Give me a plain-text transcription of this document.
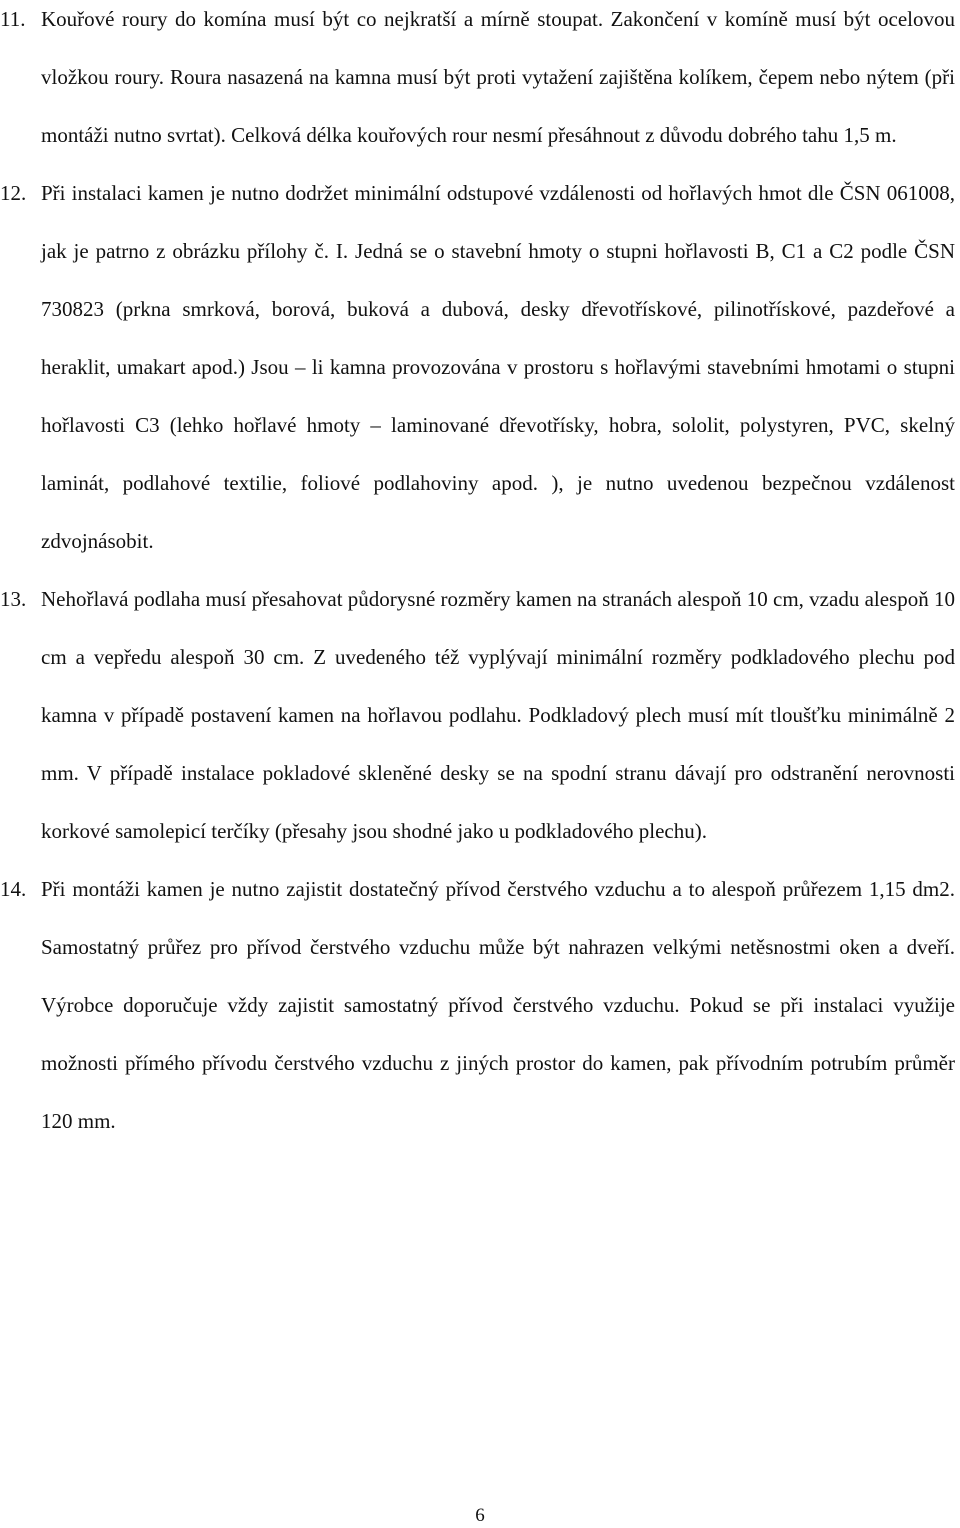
11. Kouřové roury do komína musí být co nejkratší a mírně stoupat. Zakončení v komíně musí být ocelovou vložkou roury. Roura nasazená na kamna musí být proti vytažení zajištěna kolíkem, čepem nebo nýtem (při montáži nutno svrtat). Celková délka kouřových rour nesmí přesáhnout z důvodu dobrého tahu 1,5 m.
12. Při instalaci kamen je nutno dodržet minimální odstupové vzdálenosti od hořlavých hmot dle ČSN 061008, jak je patrno z obrázku přílohy č. I. Jedná se o stavební hmoty o stupni hořlavosti B, C1 a C2 podle ČSN 730823 (prkna smrková, borová, buková a dubová, desky dřevotřískové, pilinotřískové, pazdeřové a heraklit, umakart apod.) Jsou – li kamna provozována v prostoru s hořlavými stavebními hmotami o stupni hořlavosti C3 (lehko hořlavé hmoty – laminované dřevotřísky, hobra, sololit, polystyren, PVC, skelný laminát, podlahové textilie, foliové podlahoviny apod. ), je nutno uvedenou bezpečnou vzdálenost zdvojnásobit.
13. Nehořlavá podlaha musí přesahovat půdorysné rozměry kamen na stranách alespoň 10 cm, vzadu alespoň 10 cm a vepředu alespoň 30 cm. Z uvedeného též vyplývají minimální rozměry podkladového plechu pod kamna v případě postavení kamen na hořlavou podlahu. Podkladový plech musí mít tloušťku minimálně 2 mm. V případě instalace pokladové skleněné desky se na spodní stranu dávají pro odstranění nerovnosti korkové samolepicí terčíky (přesahy jsou shodné jako u podkladového plechu).
14. Při montáži kamen je nutno zajistit dostatečný přívod čerstvého vzduchu a to alespoň průřezem 1,15 dm2. Samostatný průřez pro přívod čerstvého vzduchu může být nahrazen velkými netěsnostmi oken a dveří. Výrobce doporučuje vždy zajistit samostatný přívod čerstvého vzduchu. Pokud se při instalaci využije možnosti přímého přívodu čerstvého vzduchu z jiných prostor do kamen, pak přívodním potrubím průměr 120 mm.
6
